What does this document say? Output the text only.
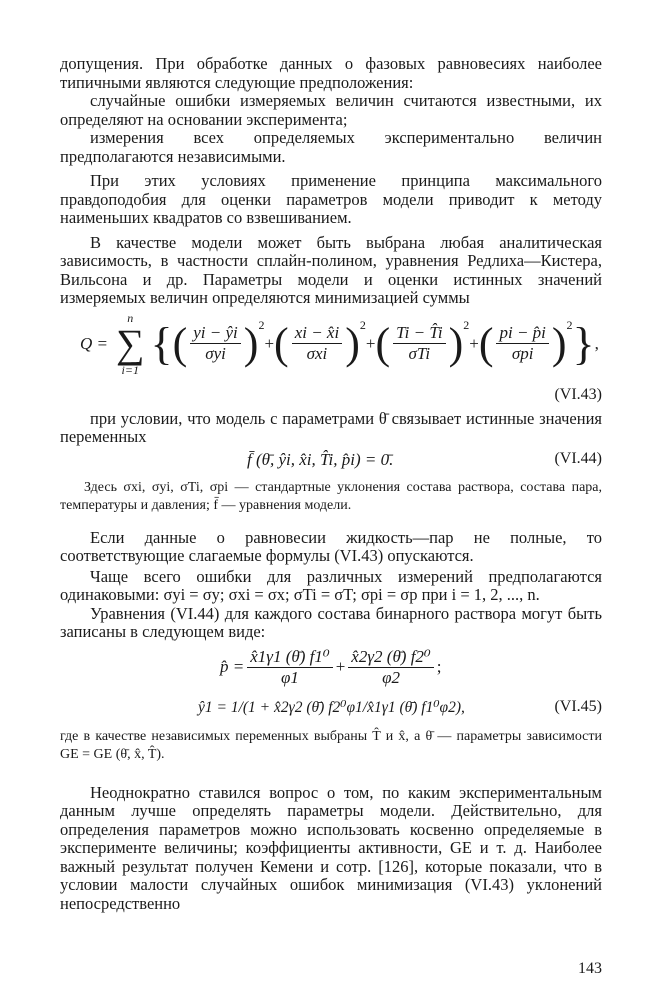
допущения. При обработке данных о фазовых равновесиях наиболее типичными являются следующие предположения:

случайные ошибки измеряемых величин считаются известными, их определяют на основании эксперимента;

измерения всех определяемых экспериментально величин предполагаются независимыми.

При этих условиях применение принципа максимального правдоподобия для оценки параметров модели приводит к методу наименьших квадратов со взвешиванием.

В качестве модели может быть выбрана любая аналитическая зависимость, в частности сплайн-полином, уравнения Редлиха—Кистера, Вильсона и др. Параметры модели и оценки истинных значений измеряемых величин определяются минимизацией суммы

Q =
n
∑
i=1
{ ( $\frac{yi - ŷi}{\text{σyi}}$ ) 2
+ ( $\frac{xi - x̂i}{\text{σxi}}$ ) 2
+ ( $\frac{Ti - T̂i}{\text{σTi}}$ ) 2
+ ( $\frac{pi - p̂i}{\text{σpi}}$ ) 2 } ,
(VI.43)

при условии, что модель с параметрами θ̄ связывает истинные значения переменных

f̄ (θ̄, ŷi, x̂i, T̂i, p̂i) = 0̄.	(VI.44)

Здесь σxi, σyi, σTi, σpi — стандартные уклонения состава раствора, состава пара, температуры и давления; f̄ — уравнения модели.

Если данные о равновесии жидкость—пар не полные, то соответствующие слагаемые формулы (VI.43) опускаются.

Чаще всего ошибки для различных измерений предполагаются одинаковыми: σyi = σy; σxi = σx; σTi = σT; σpi = σp при i = 1, 2, ..., n.

Уравнения (VI.44) для каждого состава бинарного раствора могут быть записаны в следующем виде:

p̂ = $\frac{\text{x̂1γ1 (θ̄) f1⁰}}{\varphi 1} + \frac{\text{x̂2γ2 (θ̄) f2⁰}}{\varphi 2}$ ;
ŷ1 = 1/(1 + x̂2γ2 (θ̄) f2⁰φ1/x̂1γ1 (θ̄) f1⁰φ2),	(VI.45)

где в качестве независимых переменных выбраны T̂ и x̂, а θ̄ — параметры зависимости GE = GE (θ̄, x̂, T̂).

Неоднократно ставился вопрос о том, по каким экспериментальным данным лучше определять параметры модели. Действительно, для определения параметров можно использовать косвенно определяемые в эксперименте величины; коэффициенты активности, GE и т. д. Наиболее важный результат получен Кемени и сотр. [126], которые показали, что в условии малости случайных ошибок минимизация (VI.43) уклонений непосредственно

143
